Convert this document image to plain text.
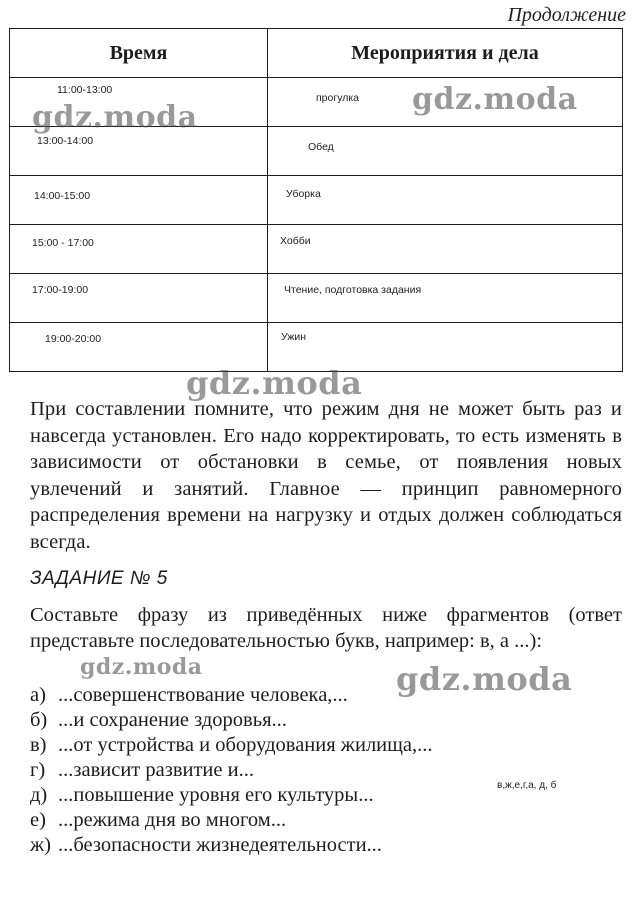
Продолжение
Время	Мероприятия и дела

11:00-13:00	прогулка

13:00-14:00	Обед

14:00-15:00	Уборка

15:00 - 17:00	Хобби

17:00-19:00	Чтение, подготовка задания

19:00-20:00	Ужин
При составлении помните, что режим дня не может быть раз и навсегда установлен. Его надо корректировать, то есть изменять в зависимости от обстановки в семье, от появления новых увлечений и занятий. Главное — принцип равномерного распределения времени на нагрузку и отдых должен соблюдаться всегда.
ЗАДАНИЕ № 5
Составьте фразу из приведённых ниже фрагментов (ответ представьте последовательностью букв, например: в, а ...):
а) ...совершенствование человека,...
б) ...и сохранение здоровья...
в) ...от устройства и оборудования жилища,...
г) ...зависит развитие и...
д) ...повышение уровня его культуры...
е) ...режима дня во многом...
ж) ...безопасности жизнедеятельности...
в,ж,е,г,а, д, б
gdz.moda
gdz.moda
gdz.moda
gdz.moda	gdz.moda
